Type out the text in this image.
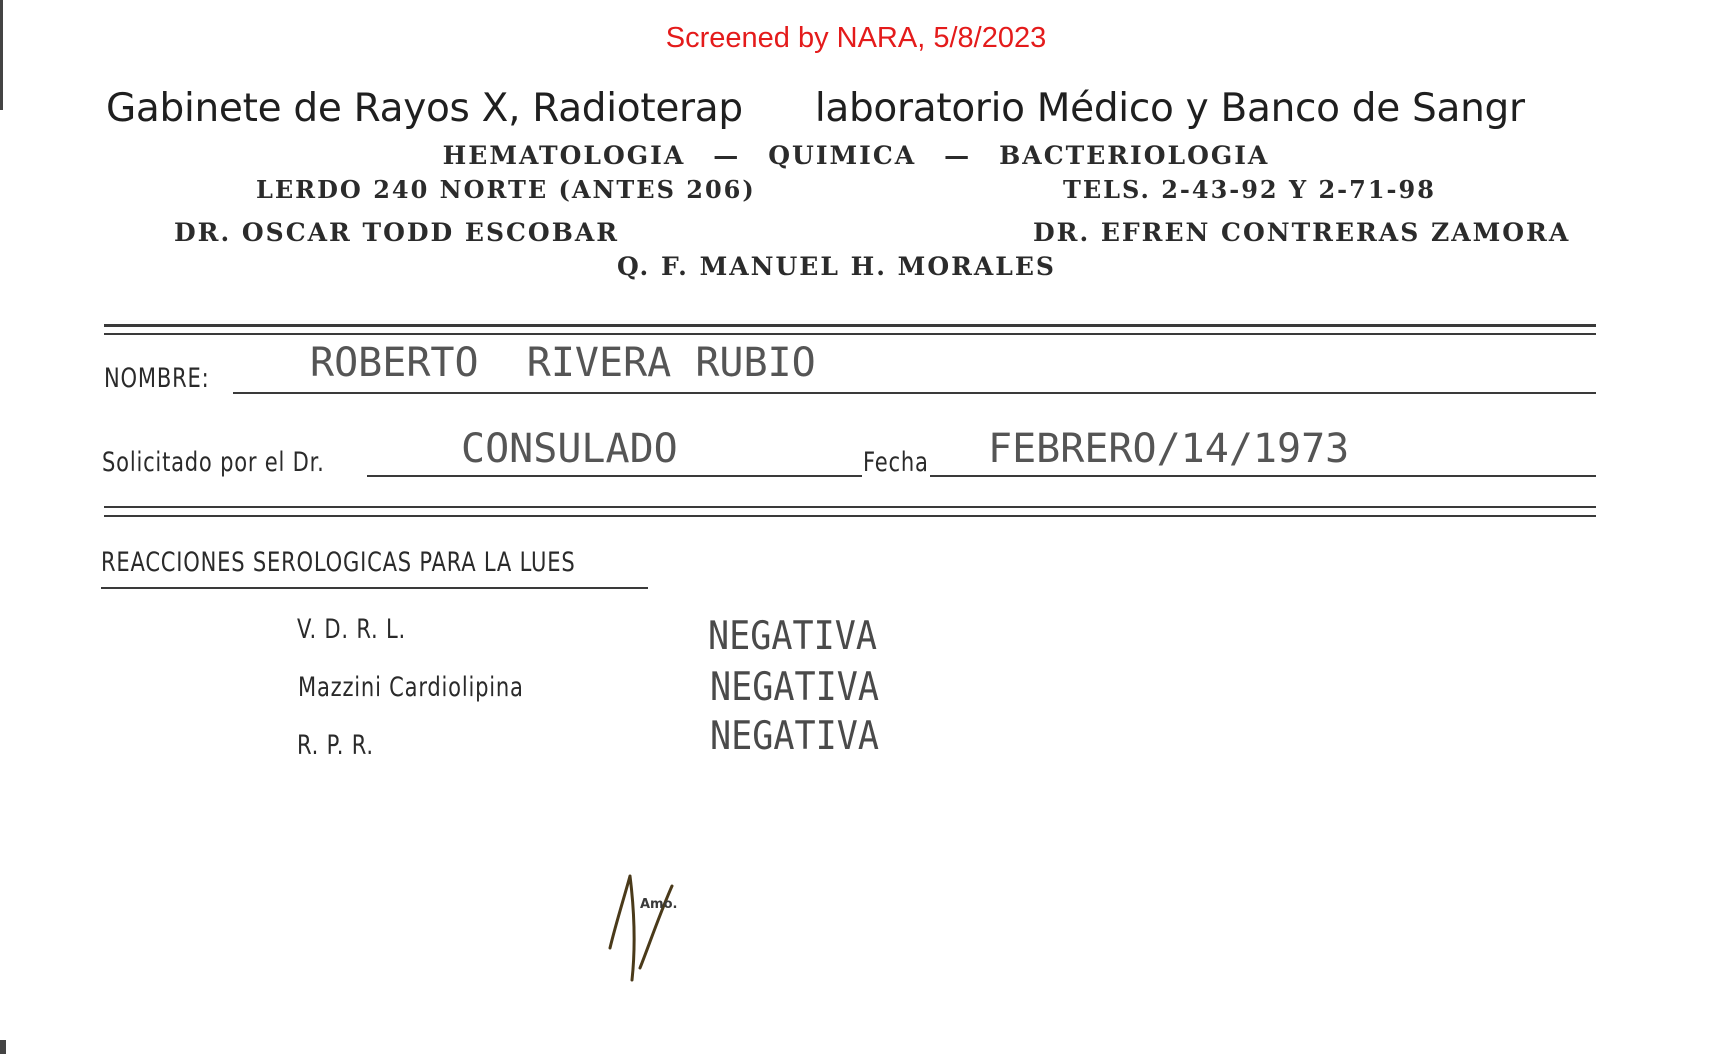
Screened by NARA, 5/8/2023
Gabinete de Rayos X, Radioterap laboratorio Médico y Banco de Sangr
HEMATOLOGIA — QUIMICA — BACTERIOLOGIA
LERDO 240 NORTE (ANTES 206)	TELS. 2-43-92 Y 2-71-98
DR. OSCAR TODD ESCOBAR	DR. EFREN CONTRERAS ZAMORA
Q. F. MANUEL H. MORALES
NOMBRE:	ROBERTO  RIVERA RUBIO
Solicitado por el Dr.	CONSULADO	Fecha	FEBRERO/14/1973
REACCIONES SEROLOGICAS PARA LA LUES
V. D. R. L.	NEGATIVA
Mazzini Cardiolipina	NEGATIVA
R. P. R.	NEGATIVA
Amo.
